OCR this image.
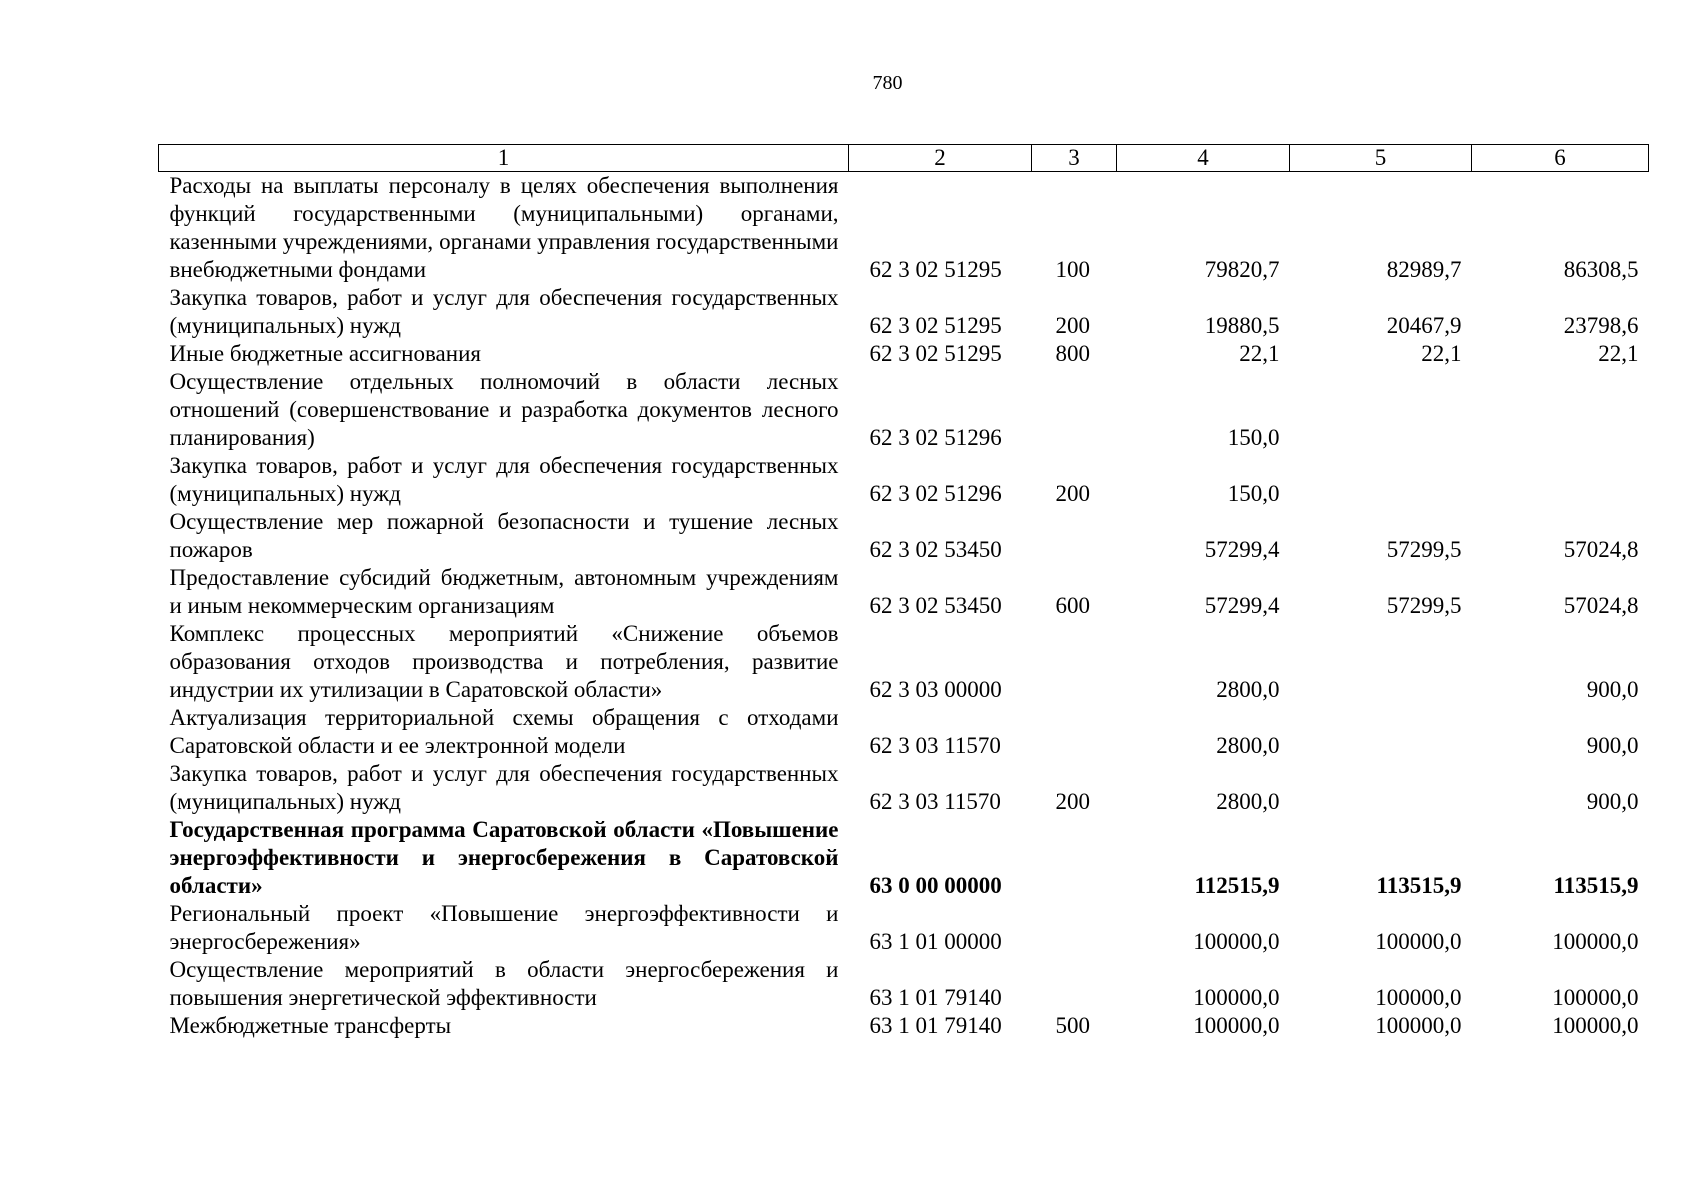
780
1	2	3	4	5	6
Расходы на выплаты персоналу в целях обеспечения выполнения функций государственными (муниципальными) органами, казенными учреждениями, органами управления государственными внебюджетными фондами	62 3 02 51295	100	79820,7	82989,7	86308,5
Закупка товаров, работ и услуг для обеспечения государственных (муниципальных) нужд	62 3 02 51295	200	19880,5	20467,9	23798,6
Иные бюджетные ассигнования	62 3 02 51295	800	22,1	22,1	22,1
Осуществление отдельных полномочий в области лесных отношений (совершенствование и разработка документов лесного планирования)	62 3 02 51296		150,0		
Закупка товаров, работ и услуг для обеспечения государственных (муниципальных) нужд	62 3 02 51296	200	150,0		
Осуществление мер пожарной безопасности и тушение лесных пожаров	62 3 02 53450		57299,4	57299,5	57024,8
Предоставление субсидий бюджетным, автономным учреждениям и иным некоммерческим организациям	62 3 02 53450	600	57299,4	57299,5	57024,8
Комплекс процессных мероприятий «Снижение объемов образования отходов производства и потребления, развитие индустрии их утилизации в Саратовской области»	62 3 03 00000		2800,0		900,0
Актуализация территориальной схемы обращения с отходами Саратовской области и ее электронной модели	62 3 03 11570		2800,0		900,0
Закупка товаров, работ и услуг для обеспечения государственных (муниципальных) нужд	62 3 03 11570	200	2800,0		900,0
Государственная программа Саратовской области «Повышение энергоэффективности и энергосбережения в Саратовской области»	63 0 00 00000		112515,9	113515,9	113515,9
Региональный проект «Повышение энергоэффективности и энергосбережения»	63 1 01 00000		100000,0	100000,0	100000,0
Осуществление мероприятий в области энергосбережения и повышения энергетической эффективности	63 1 01 79140		100000,0	100000,0	100000,0
Межбюджетные трансферты	63 1 01 79140	500	100000,0	100000,0	100000,0
